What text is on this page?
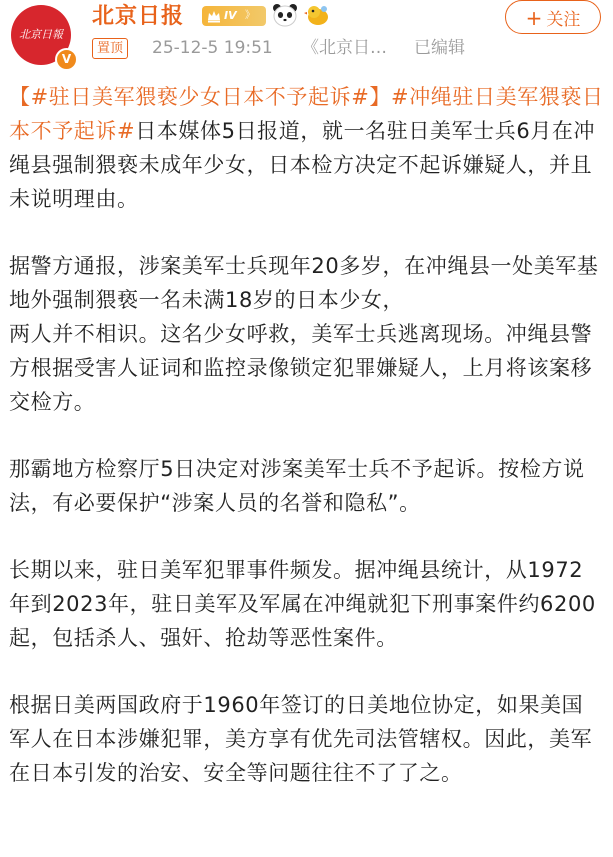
北京日報
V
北京日报	IV 》
置顶 25-12-5 19:51 《北京日… 已编辑
+ 关注

【#驻日美军猥亵少女日本不予起诉#】#冲绳驻日美军猥亵日本不予起诉#日本媒体5日报道，就一名驻日美军士兵6月在冲绳县强制猥亵未成年少女，日本检方决定不起诉嫌疑人，并且未说明理由。

据警方通报，涉案美军士兵现年20多岁，在冲绳县一处美军基地外强制猥亵一名未满18岁的日本少女，
两人并不相识。这名少女呼救，美军士兵逃离现场。冲绳县警方根据受害人证词和监控录像锁定犯罪嫌疑人，上月将该案移交检方。

那霸地方检察厅5日决定对涉案美军士兵不予起诉。按检方说法，有必要保护“涉案人员的名誉和隐私”。

长期以来，驻日美军犯罪事件频发。据冲绳县统计，从1972年到2023年，驻日美军及军属在冲绳就犯下刑事案件约6200起，包括杀人、强奸、抢劫等恶性案件。

根据日美两国政府于1960年签订的日美地位协定，如果美国军人在日本涉嫌犯罪，美方享有优先司法管辖权。因此，美军在日本引发的治安、安全等问题往往不了了之。
